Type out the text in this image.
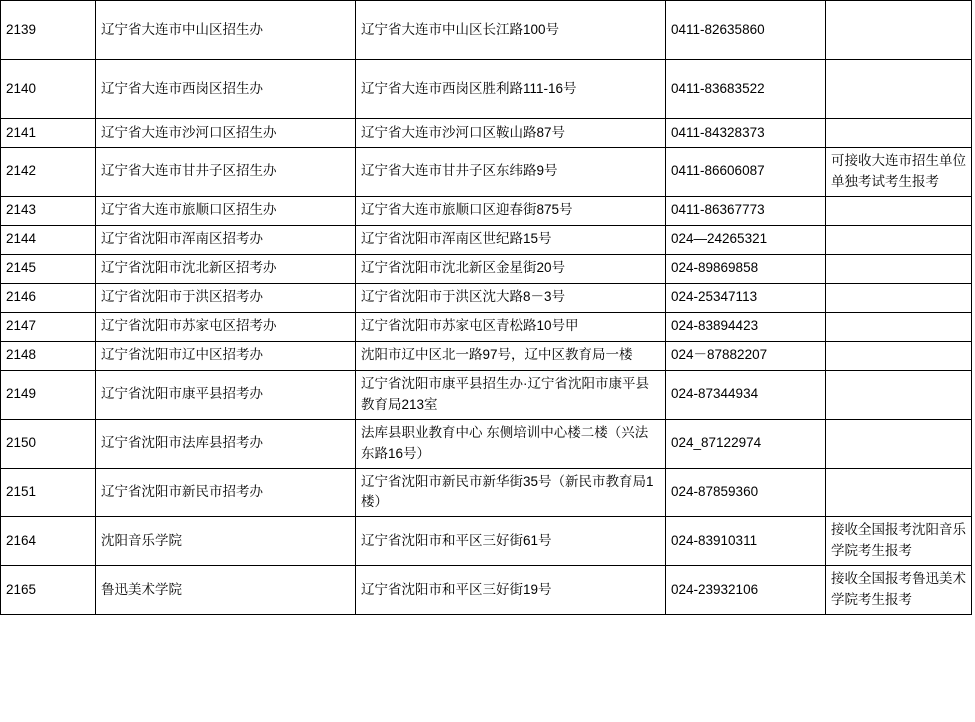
2139	辽宁省大连市中山区招生办	辽宁省大连市中山区长江路100号	0411-82635860	
2140	辽宁省大连市西岗区招生办	辽宁省大连市西岗区胜利路111-16号	0411-83683522	
2141	辽宁省大连市沙河口区招生办	辽宁省大连市沙河口区鞍山路87号	0411-84328373	
2142	辽宁省大连市甘井子区招生办	辽宁省大连市甘井子区东纬路9号	0411-86606087	可接收大连市招生单位单独考试考生报考
2143	辽宁省大连市旅顺口区招生办	辽宁省大连市旅顺口区迎春街875号	0411-86367773	
2144	辽宁省沈阳市浑南区招考办	辽宁省沈阳市浑南区世纪路15号	024—24265321	
2145	辽宁省沈阳市沈北新区招考办	辽宁省沈阳市沈北新区金星街20号	024-89869858	
2146	辽宁省沈阳市于洪区招考办	辽宁省沈阳市于洪区沈大路8－3号	024-25347113	
2147	辽宁省沈阳市苏家屯区招考办	辽宁省沈阳市苏家屯区青松路10号甲	024-83894423	
2148	辽宁省沈阳市辽中区招考办	沈阳市辽中区北一路97号，辽中区教育局一楼	024－87882207	
2149	辽宁省沈阳市康平县招考办	辽宁省沈阳市康平县招生办·辽宁省沈阳市康平县教育局213室	024-87344934	
2150	辽宁省沈阳市法库县招考办	法库县职业教育中心 东侧培训中心楼二楼（兴法东路16号）	024_87122974	
2151	辽宁省沈阳市新民市招考办	辽宁省沈阳市新民市新华街35号（新民市教育局1楼）	024-87859360	
2164	沈阳音乐学院	辽宁省沈阳市和平区三好街61号	024-83910311	接收全国报考沈阳音乐学院考生报考
2165	鲁迅美术学院	辽宁省沈阳市和平区三好街19号	024-23932106	接收全国报考鲁迅美术学院考生报考
